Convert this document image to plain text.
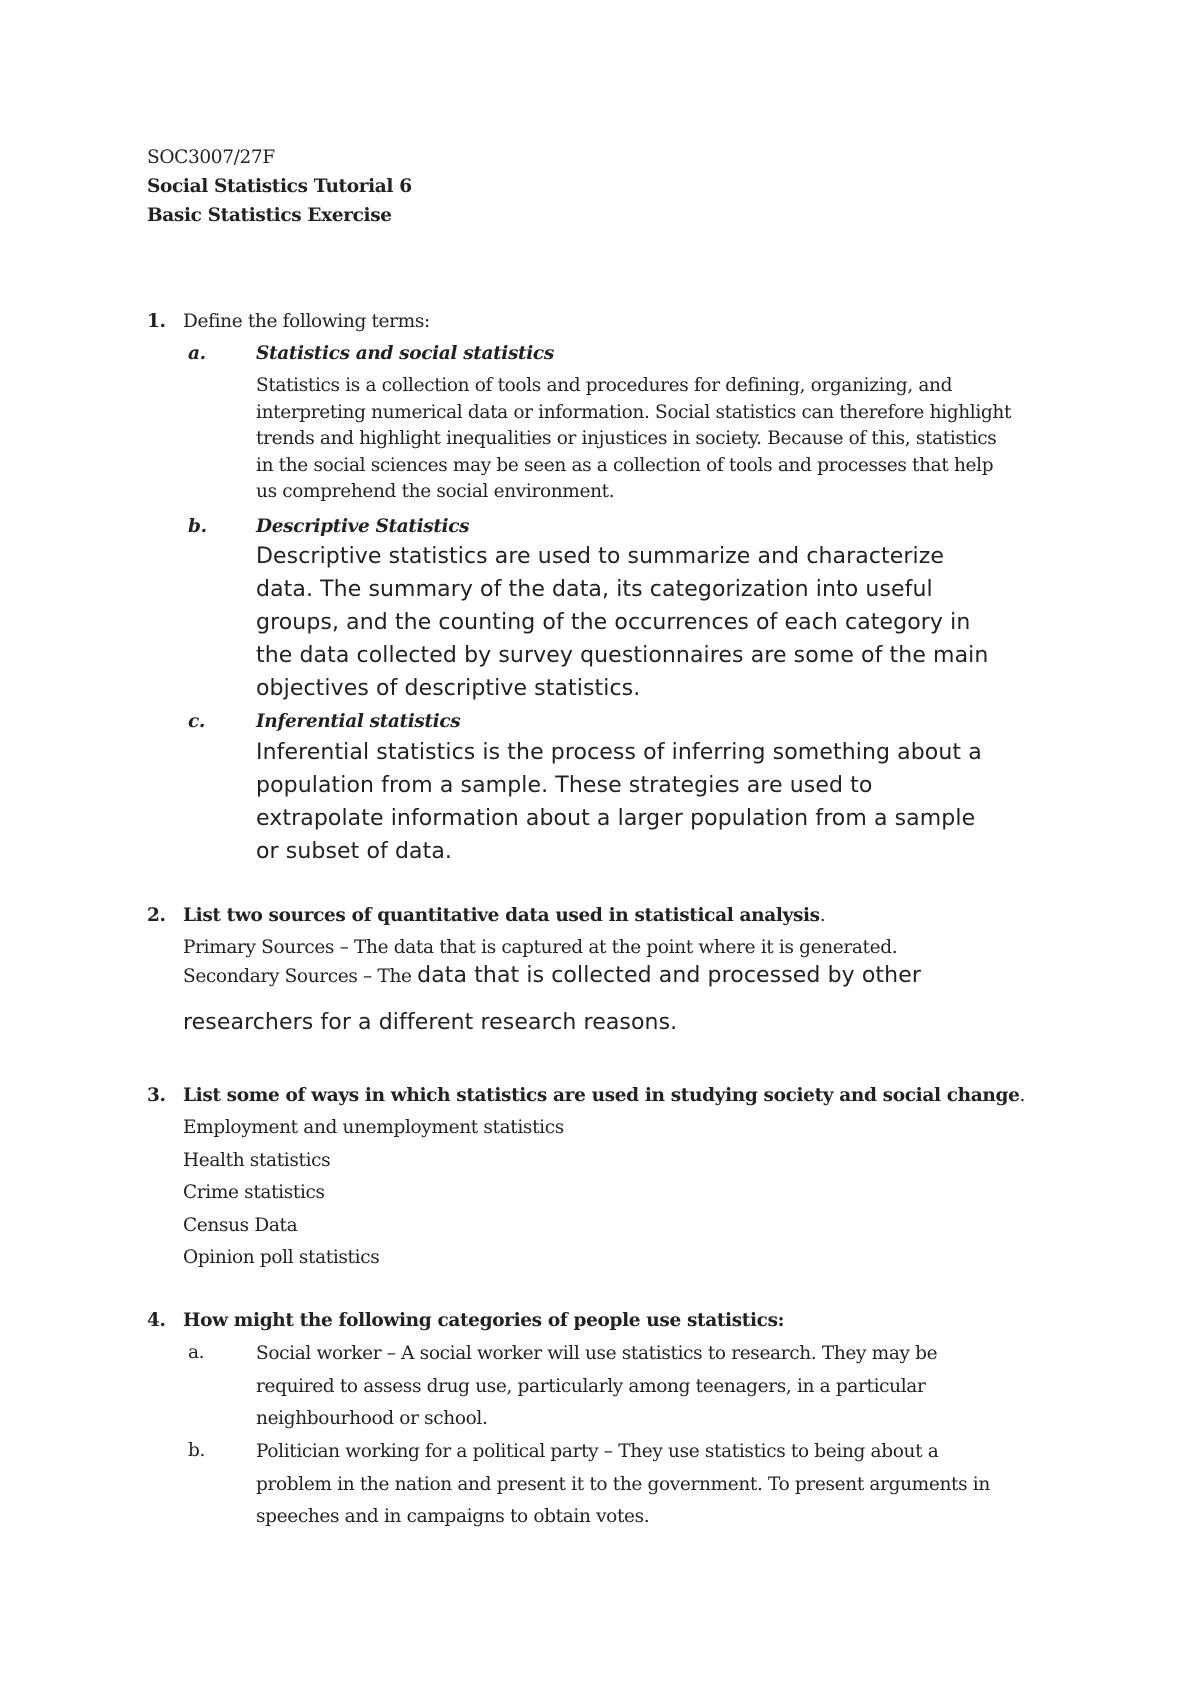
SOC3007/27F
Social Statistics Tutorial 6
Basic Statistics Exercise
1. Define the following terms:
a.	Statistics and social statistics
Statistics is a collection of tools and procedures for defining, organizing, and
interpreting numerical data or information. Social statistics can therefore highlight
trends and highlight inequalities or injustices in society. Because of this, statistics
in the social sciences may be seen as a collection of tools and processes that help
us comprehend the social environment.
b.	Descriptive Statistics
Descriptive statistics are used to summarize and characterize
data. The summary of the data, its categorization into useful
groups, and the counting of the occurrences of each category in
the data collected by survey questionnaires are some of the main
objectives of descriptive statistics.
c.	Inferential statistics
Inferential statistics is the process of inferring something about a
population from a sample. These strategies are used to
extrapolate information about a larger population from a sample
or subset of data.
2. List two sources of quantitative data used in statistical analysis.
Primary Sources – The data that is captured at the point where it is generated.
Secondary Sources – The data that is collected and processed by other
researchers for a different research reasons.
3. List some of ways in which statistics are used in studying society and social change.
Employment and unemployment statistics
Health statistics
Crime statistics
Census Data
Opinion poll statistics
4. How might the following categories of people use statistics:
a.	Social worker – A social worker will use statistics to research. They may be
required to assess drug use, particularly among teenagers, in a particular
neighbourhood or school.
b.	Politician working for a political party – They use statistics to being about a
problem in the nation and present it to the government. To present arguments in
speeches and in campaigns to obtain votes.
